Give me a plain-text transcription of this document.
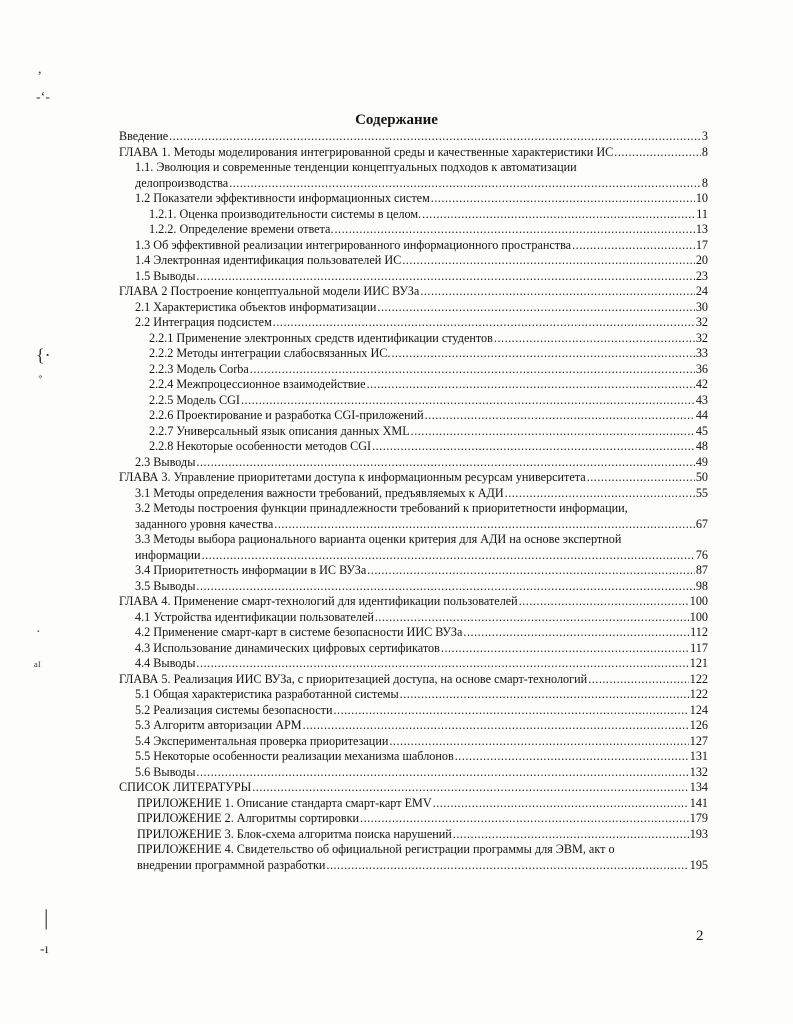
,
-‘-
{·
ﾞ
·
ᵃᴵ
|
-ı
Содержание
Введение .....	3
ГЛАВА 1. Методы моделирования интегрированной среды и качественные характеристики ИС .....	8
1.1. Эволюция и современные тенденции концептуальных подходов к автоматизации
делопроизводства .....	8
1.2 Показатели эффективности информационных систем .....	10
1.2.1. Оценка производительности системы в целом. .....	11
1.2.2. Определение времени ответа. .....	13
1.3 Об эффективной реализации интегрированного информационного пространства .....	17
1.4 Электронная идентификация пользователей ИС .....	20
1.5 Выводы .....	23
ГЛАВА 2 Построение концептуальной модели ИИС ВУЗа .....	24
2.1 Характеристика объектов информатизации .....	30
2.2 Интеграция подсистем .....	32
2.2.1 Применение электронных средств идентификации студентов .....	32
2.2.2 Методы интеграции слабосвязанных ИС. .....	33
2.2.3 Модель Corba .....	36
2.2.4 Межпроцессионное взаимодействие .....	42
2.2.5 Модель CGI .....	43
2.2.6 Проектирование и разработка CGI-приложений .....	44
2.2.7 Универсальный язык описания данных XML .....	45
2.2.8 Некоторые особенности методов CGI .....	48
2.3 Выводы .....	49
ГЛАВА 3. Управление приоритетами доступа к информационным ресурсам университета .....	50
3.1 Методы определения важности требований, предъявляемых к АДИ .....	55
3.2 Методы построения функции принадлежности требований к приоритетности информации,
заданного уровня качества .....	67
3.3 Методы выбора рационального варианта оценки критерия для АДИ на основе экспертной
информации .....	76
3.4 Приоритетность информации в ИС ВУЗа .....	87
3.5 Выводы .....	98
ГЛАВА 4. Применение смарт-технологий для идентификации пользователей .....	100
4.1 Устройства идентификации пользователей .....	100
4.2 Применение смарт-карт в системе безопасности ИИС ВУЗа .....	112
4.3 Использование динамических цифровых сертификатов .....	117
4.4 Выводы .....	121
ГЛАВА 5. Реализация ИИС ВУЗа, с приоритезацией доступа, на основе смарт-технологий .....	122
5.1 Общая характеристика разработанной системы .....	122
5.2 Реализация системы безопасности .....	124
5.3 Алгоритм авторизации АРМ .....	126
5.4 Экспериментальная проверка приоритезации .....	127
5.5 Некоторые особенности реализации механизма шаблонов .....	131
5.6 Выводы .....	132
СПИСОК ЛИТЕРАТУРЫ .....	134
ПРИЛОЖЕНИЕ 1. Описание стандарта смарт-карт EMV .....	141
ПРИЛОЖЕНИЕ 2. Алгоритмы сортировки .....	179
ПРИЛОЖЕНИЕ 3. Блок-схема алгоритма поиска нарушений .....	193
ПРИЛОЖЕНИЕ 4. Свидетельство об официальной регистрации программы для ЭВМ, акт о
внедрении программной разработки .....	195
2
